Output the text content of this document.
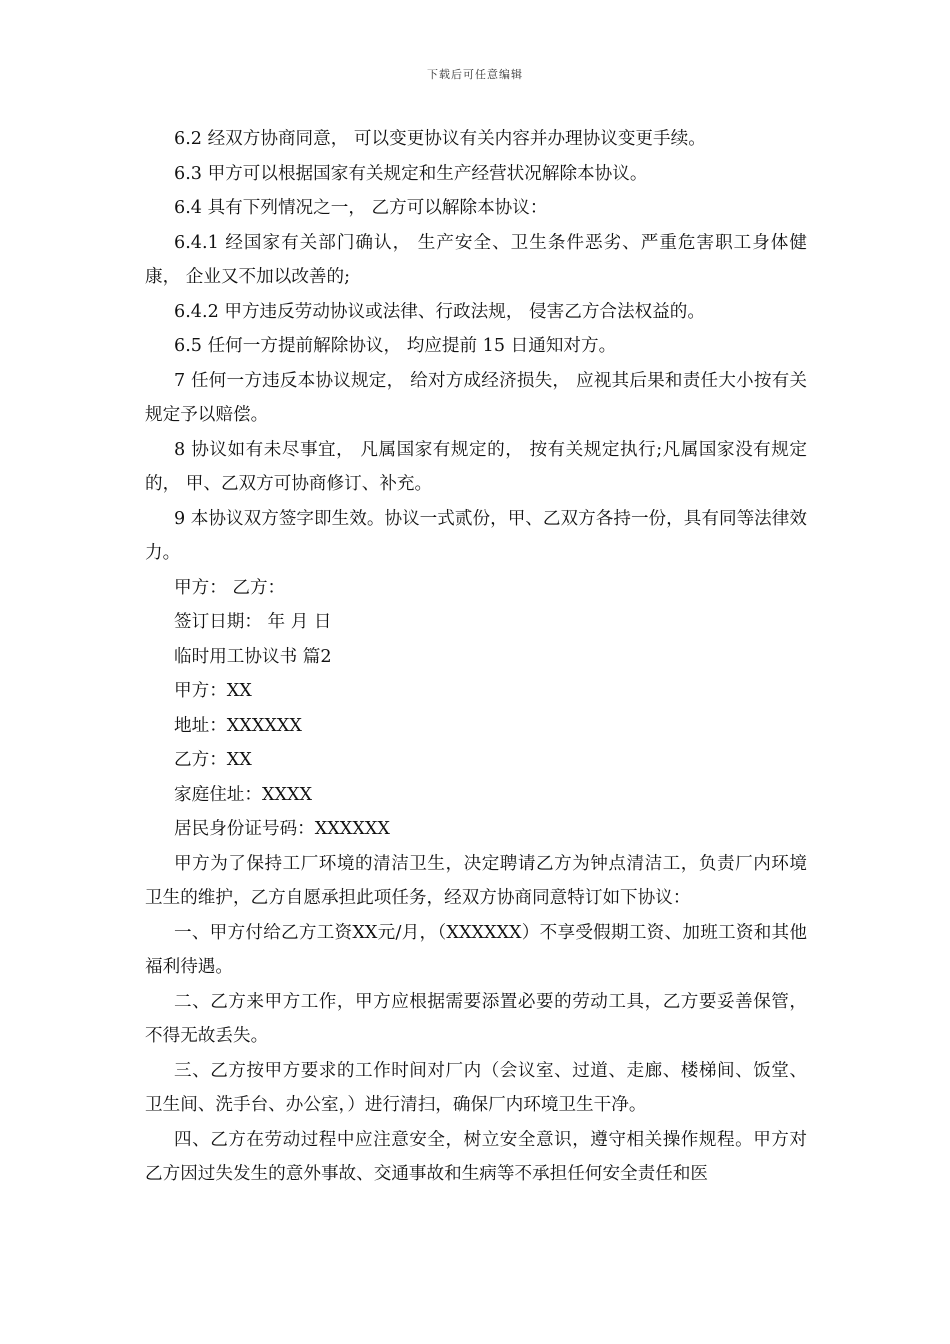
下载后可任意编辑

6.2 经双方协商同意， 可以变更协议有关内容并办理协议变更手续。

6.3 甲方可以根据国家有关规定和生产经营状况解除本协议。

6.4 具有下列情况之一， 乙方可以解除本协议：

6.4.1 经国家有关部门确认， 生产安全、卫生条件恶劣、严重危害职工身体健康， 企业又不加以改善的;

6.4.2 甲方违反劳动协议或法律、行政法规， 侵害乙方合法权益的。

6.5 任何一方提前解除协议， 均应提前 15 日通知对方。

7 任何一方违反本协议规定， 给对方成经济损失， 应视其后果和责任大小按有关规定予以赔偿。

8 协议如有未尽事宜， 凡属国家有规定的， 按有关规定执行;凡属国家没有规定的， 甲、乙双方可协商修订、补充。

9 本协议双方签字即生效。协议一式贰份，甲、乙双方各持一份，具有同等法律效力。

甲方： 乙方：

签订日期： 年 月 日

临时用工协议书 篇2

甲方：XX

地址：XXXXXX

乙方：XX

家庭住址：XXXX

居民身份证号码：XXXXXX

甲方为了保持工厂环境的清洁卫生，决定聘请乙方为钟点清洁工，负责厂内环境卫生的维护，乙方自愿承担此项任务，经双方协商同意特订如下协议：

一、甲方付给乙方工资XX元/月，（XXXXXX）不享受假期工资、加班工资和其他福利待遇。

二、乙方来甲方工作，甲方应根据需要添置必要的劳动工具，乙方要妥善保管，不得无故丢失。

三、乙方按甲方要求的工作时间对厂内（会议室、过道、走廊、楼梯间、饭堂、卫生间、洗手台、办公室，）进行清扫，确保厂内环境卫生干净。

四、乙方在劳动过程中应注意安全，树立安全意识，遵守相关操作规程。甲方对乙方因过失发生的意外事故、交通事故和生病等不承担任何安全责任和医
